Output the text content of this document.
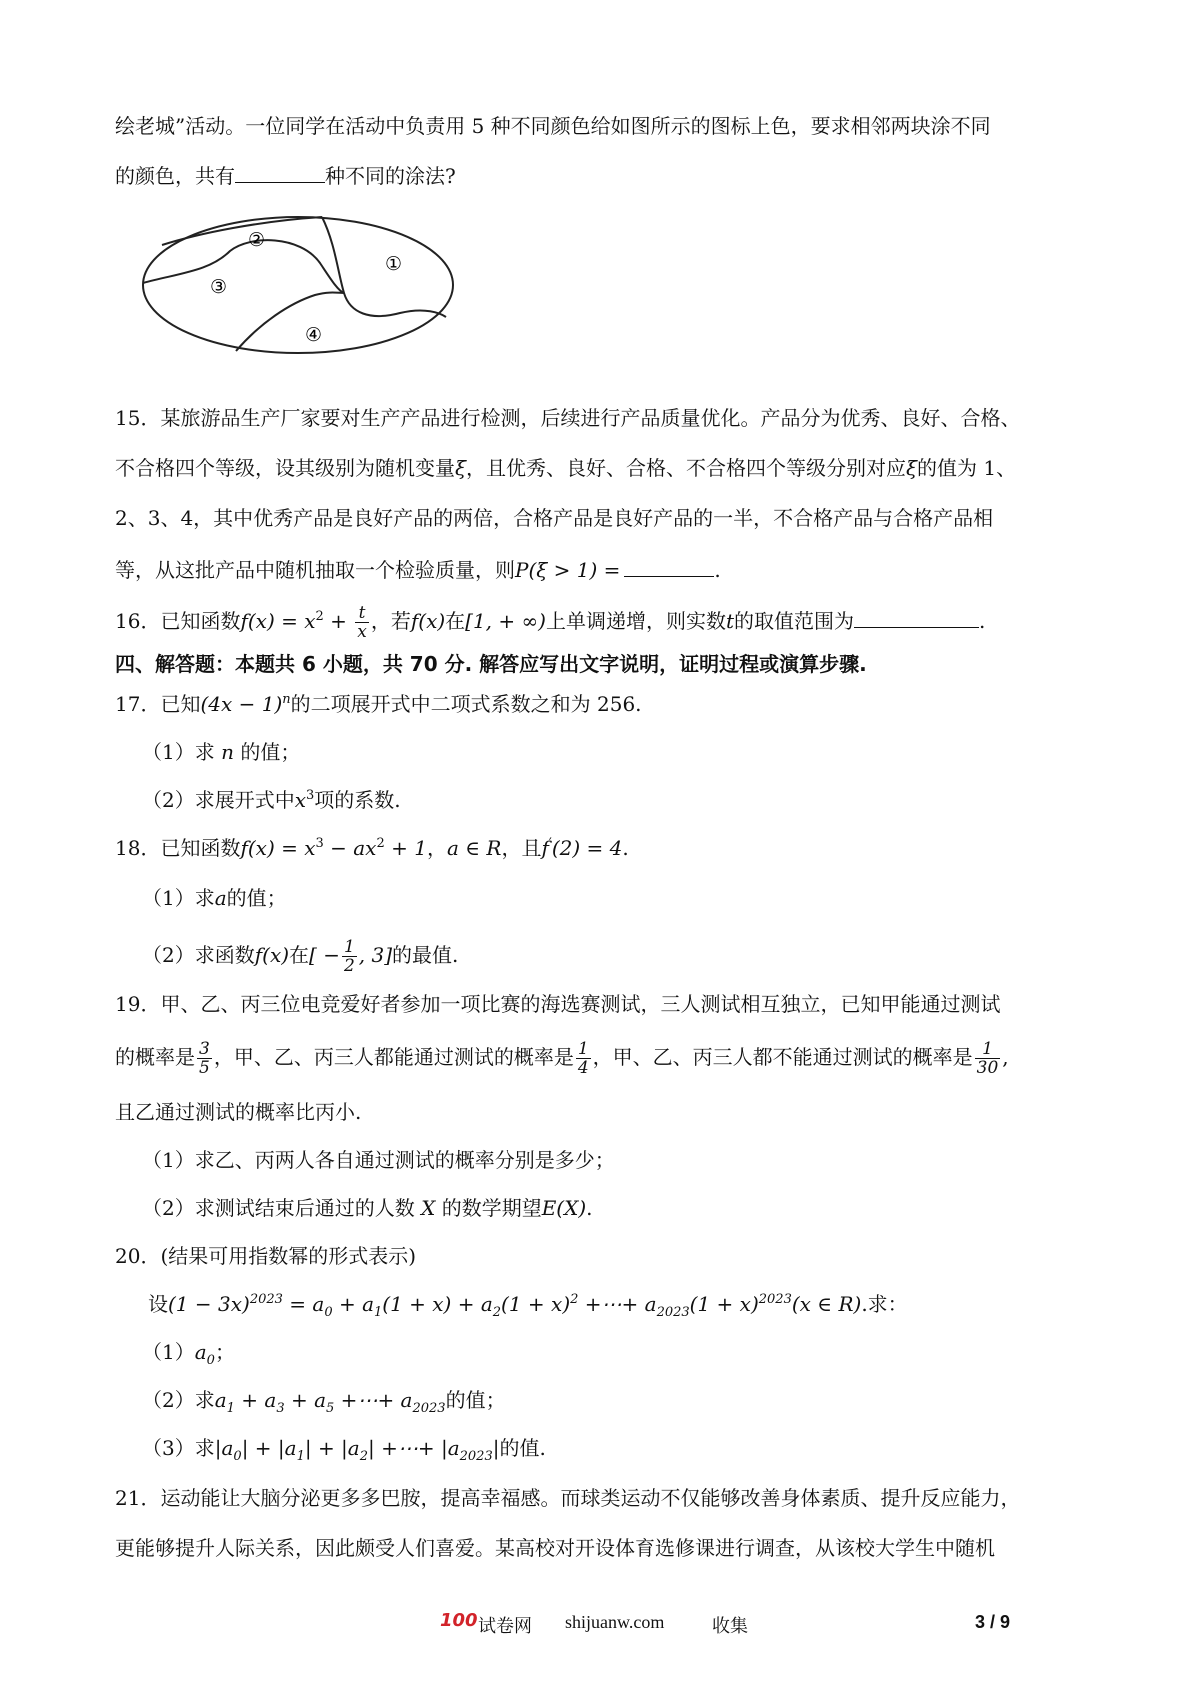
绘老城”活动。一位同学在活动中负责用 5 种不同颜色给如图所示的图标上色，要求相邻两块涂不同
的颜色，共有	种不同的涂法?
①
②
③
④
15．某旅游品生产厂家要对生产产品进行检测，后续进行产品质量优化。产品分为优秀、良好、合格、
不合格四个等级，设其级别为随机变量ξ，且优秀、良好、合格、不合格四个等级分别对应ξ的值为 1、
2、3、4，其中优秀产品是良好产品的两倍，合格产品是良好产品的一半，不合格产品与合格产品相
等，从这批产品中随机抽取一个检验质量，则P(ξ > 1) =	.
16．已知函数$f(x) = x^2 + \frac{t}{x}$ ，若f(x)在[1, + ∞)上单调递增，则实数t的取值范围为	.
四、解答题：本题共 6 小题，共 70 分. 解答应写出文字说明，证明过程或演算步骤.
17．已知$(4x - 1)^n$的二项展开式中二项式系数之和为 256.
（1）求 n 的值；
（2）求展开式中$x^3$项的系数.
18．已知函数$f(x) = x^3 - ax^2 + 1$，a ∈ R，且f′(2) = 4.
（1）求a的值；
（2）求函数f(x)在[ − $\frac{1}{2}$ , 3]的最值.
19．甲、乙、丙三位电竞爱好者参加一项比赛的海选赛测试，三人测试相互独立，已知甲能通过测试
的概率是 $\frac{3}{5}$ ，甲、乙、丙三人都能通过测试的概率是 $\frac{1}{4}$ ，甲、乙、丙三人都不能通过测试的概率是 $\frac{1}{30}$ ,
且乙通过测试的概率比丙小.
（1）求乙、丙两人各自通过测试的概率分别是多少；
（2）求测试结束后通过的人数 X 的数学期望E(X).
20．(结果可用指数幂的形式表示)
设$(1 - 3x)^{2023} = a_0 + a_1(1 + x) + a_2(1 + x)^2$ +⋯+ $a_{2023}(1 + x)^{2023}(x$ ∈ R).求：
$(1)a_0$；
（2）求$a_1 + a_3 + a_5$ +⋯+ $a_{2023}$的值；
（3）求$|a_0| + |a_1| + |a_2|$ +⋯+ $|a_{2023}|$的值.
21．运动能让大脑分泌更多多巴胺，提高幸福感。而球类运动不仅能够改善身体素质、提升反应能力，
更能够提升人际关系，因此颇受人们喜爱。某高校对开设体育选修课进行调查，从该校大学生中随机
100 试卷网 shijuanw.com	收集	3 / 9
